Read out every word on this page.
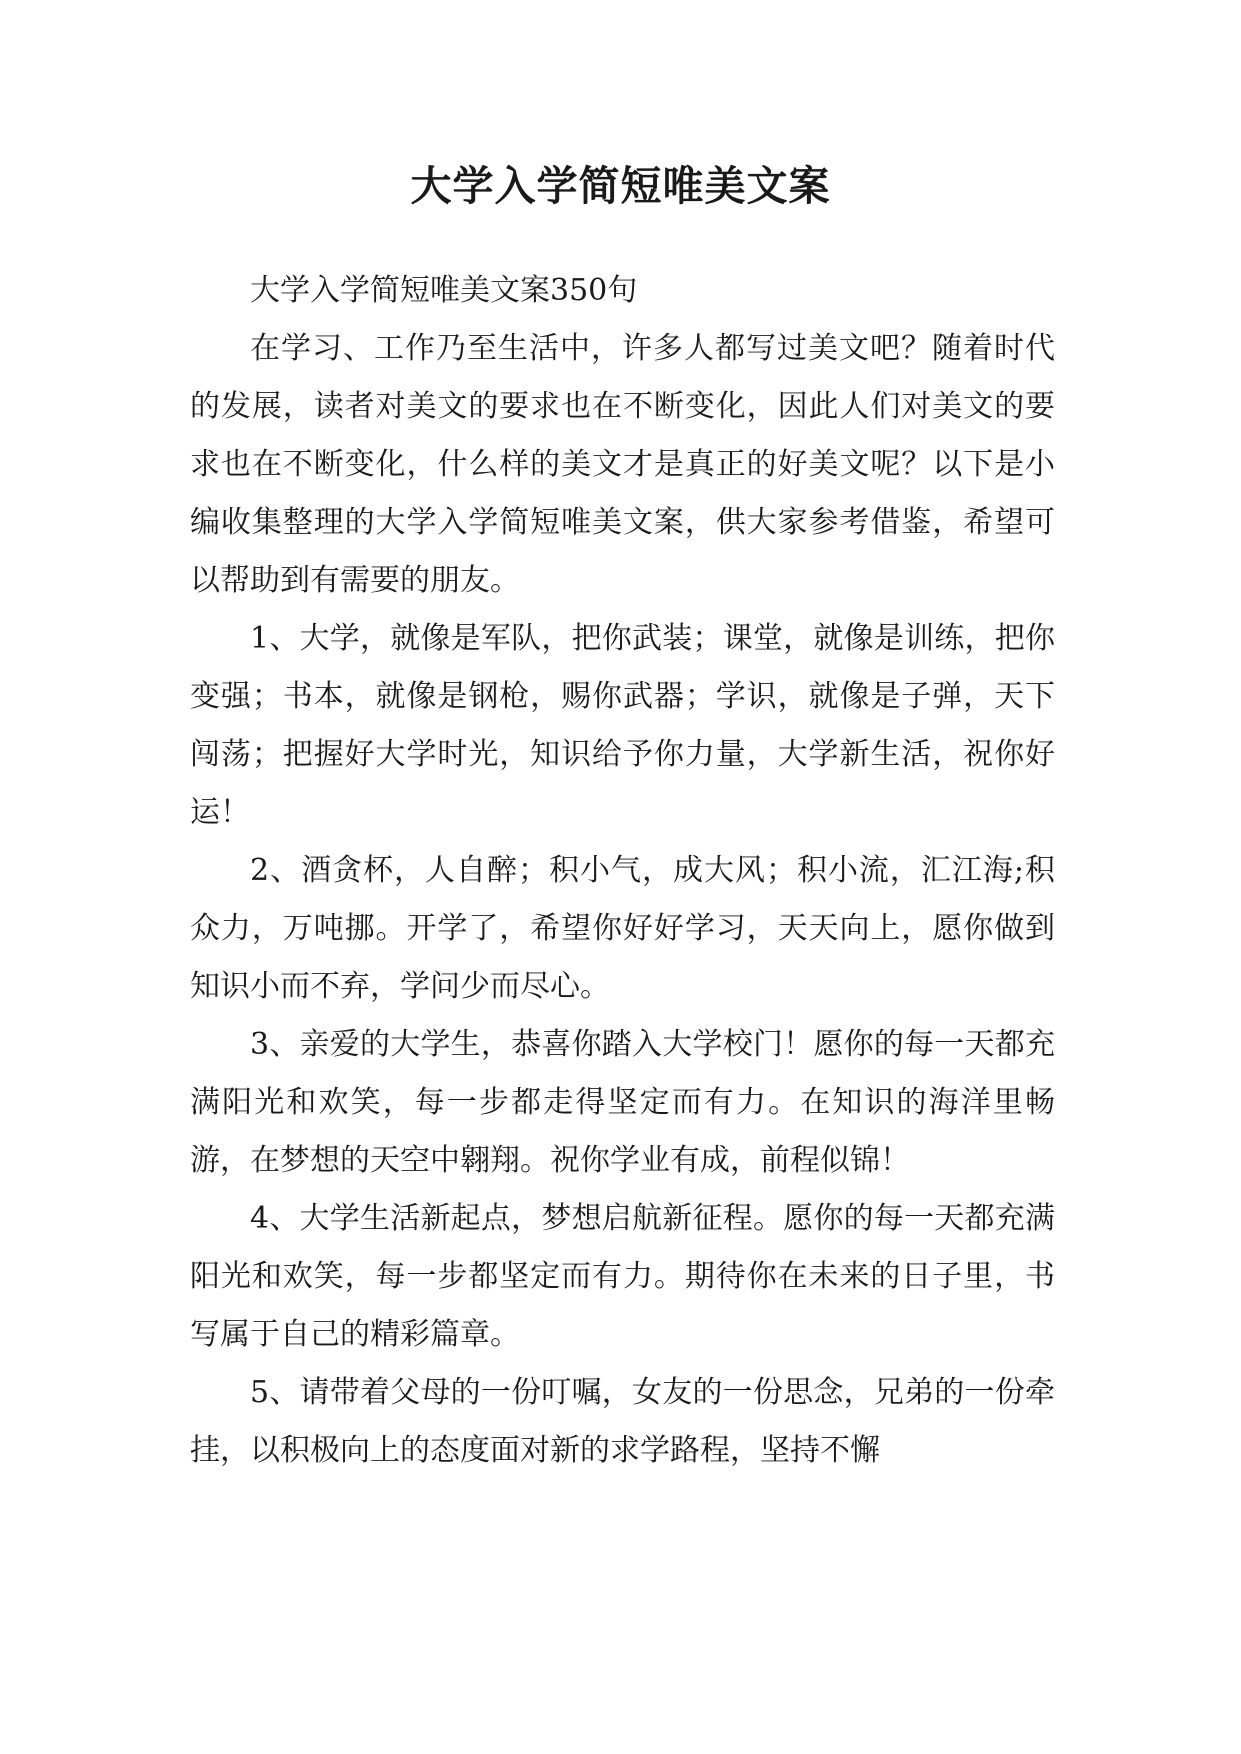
大学入学简短唯美文案

大学入学简短唯美文案350句

在学习、工作乃至生活中，许多人都写过美文吧？随着时代的发展，读者对美文的要求也在不断变化，因此人们对美文的要求也在不断变化，什么样的美文才是真正的好美文呢？以下是小编收集整理的大学入学简短唯美文案，供大家参考借鉴，希望可以帮助到有需要的朋友。

1、大学，就像是军队，把你武装；课堂，就像是训练，把你变强；书本，就像是钢枪，赐你武器；学识，就像是子弹，天下闯荡；把握好大学时光，知识给予你力量，大学新生活，祝你好运！

2、酒贪杯，人自醉；积小气，成大风；积小流，汇江海;积众力，万吨挪。开学了，希望你好好学习，天天向上，愿你做到知识小而不弃，学问少而尽心。

3、亲爱的大学生，恭喜你踏入大学校门！愿你的每一天都充满阳光和欢笑，每一步都走得坚定而有力。在知识的海洋里畅游，在梦想的天空中翱翔。祝你学业有成，前程似锦！

4、大学生活新起点，梦想启航新征程。愿你的每一天都充满阳光和欢笑，每一步都坚定而有力。期待你在未来的日子里，书写属于自己的精彩篇章。

5、请带着父母的一份叮嘱，女友的一份思念，兄弟的一份牵挂，以积极向上的态度面对新的求学路程，坚持不懈
